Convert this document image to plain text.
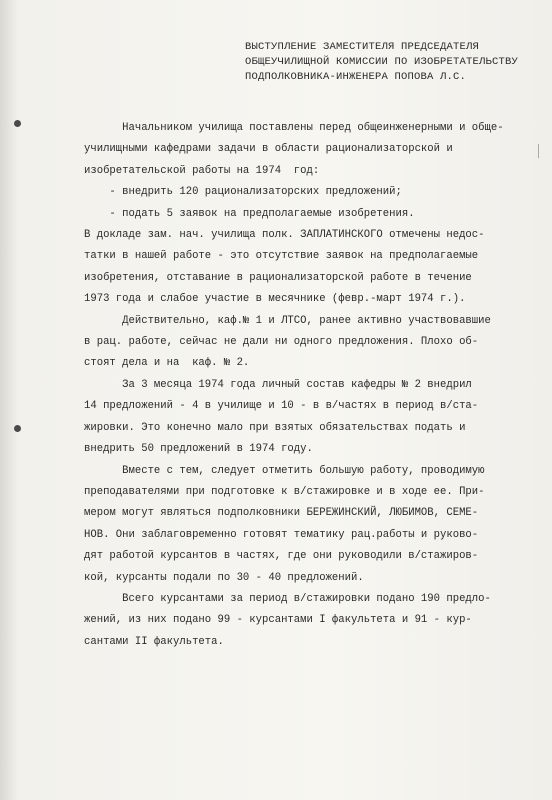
ВЫСТУПЛЕНИЕ ЗАМЕСТИТЕЛЯ ПРЕДСЕДАТЕЛЯ
ОБЩЕУЧИЛИЩНОЙ КОМИССИИ ПО ИЗОБРЕТАТЕЛЬСТВУ
ПОДПОЛКОВНИКА-ИНЖЕНЕРА ПОПОВА Л.С.
Начальником училища поставлены перед общеинженерными и обще-
училищными кафедрами задачи в области рационализаторской и
изобретательской работы на 1974  год:
- внедрить 120 рационализаторских предложений;
- подать 5 заявок на предполагаемые изобретения.
В докладе зам. нач. училища полк. ЗАПЛАТИНСКОГО отмечены недос-
татки в нашей работе - это отсутствие заявок на предполагаемые
изобретения, отставание в рационализаторской работе в течение
1973 года и слабое участие в месячнике (февр.-март 1974 г.).
Действительно, каф.№ 1 и ЛТСО, ранее активно участвовавшие
в рац. работе, сейчас не дали ни одного предложения. Плохо об-
стоят дела и на  каф. № 2.
За 3 месяца 1974 года личный состав кафедры № 2 внедрил
14 предложений - 4 в училище и 10 - в в/частях в период в/ста-
жировки. Это конечно мало при взятых обязательствах подать и
внедрить 50 предложений в 1974 году.
Вместе с тем, следует отметить большую работу, проводимую
преподавателями при подготовке к в/стажировке и в ходе ее. При-
мером могут являться подполковники БЕРЕЖИНСКИЙ, ЛЮБИМОВ, СЕМЕ-
НОВ. Они заблаговременно готовят тематику рац.работы и руково-
дят работой курсантов в частях, где они руководили в/стажиров-
кой, курсанты подали по 30 - 40 предложений.
Всего курсантами за период в/стажировки подано 190 предло-
жений, из них подано 99 - курсантами I факультета и 91 - кур-
сантами II факультета.
